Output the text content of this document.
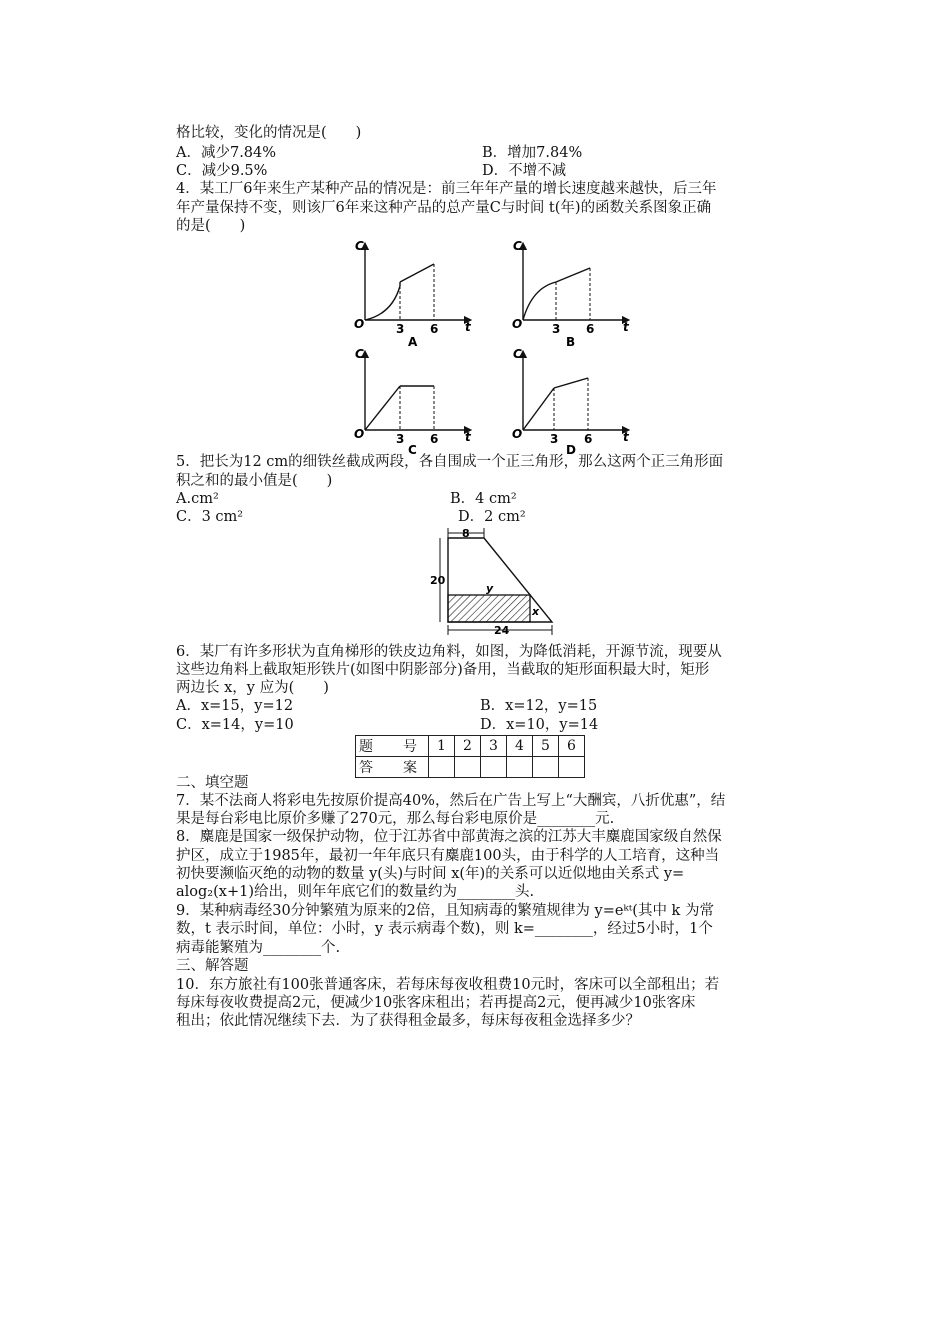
格比较，变化的情况是(　　)
A．减少7.84%	B．增加7.84%
C．减少9.5%	D．不增不减
4．某工厂6年来生产某种产品的情况是：前三年年产量的增长速度越来越快，后三年
年产量保持不变，则该厂6年来这种产品的总产量C与时间 t(年)的函数关系图象正确
的是(　　)
C
O	t
3 6
A
C
O	t
3 6
B
C
O	t
3 6
C
C
O	t
3 6
D
5．把长为12 cm的细铁丝截成两段，各自围成一个正三角形，那么这两个正三角形面
积之和的最小值是(　　)
A.cm²	B．4 cm²
C．3 cm²	D．2 cm²
8
y
x
20
24
6．某厂有许多形状为直角梯形的铁皮边角料，如图，为降低消耗，开源节流，现要从
这些边角料上截取矩形铁片(如图中阴影部分)备用，当截取的矩形面积最大时，矩形
两边长 x，y 应为(　　)
A．x=15，y=12	B．x=12，y=15
C．x=14，y=10	D．x=10，y=14
题　号	1	2	3	4	5	6
答　案						
二、填空题
7．某不法商人将彩电先按原价提高40%，然后在广告上写上“大酬宾，八折优惠”，结
果是每台彩电比原价多赚了270元，那么每台彩电原价是________元.
8．麋鹿是国家一级保护动物，位于江苏省中部黄海之滨的江苏大丰麋鹿国家级自然保
护区，成立于1985年，最初一年年底只有麋鹿100头，由于科学的人工培育，这种当
初快要濒临灭绝的动物的数量 y(头)与时间 x(年)的关系可以近似地由关系式 y=
alog₂(x+1)给出，则年年底它们的数量约为________头.
9．某种病毒经30分钟繁殖为原来的2倍，且知病毒的繁殖规律为 y=eᵏᵗ(其中 k 为常
数，t 表示时间，单位：小时，y 表示病毒个数)，则 k=________，经过5小时，1个
病毒能繁殖为________个.
三、解答题
10．东方旅社有100张普通客床，若每床每夜收租费10元时，客床可以全部租出；若
每床每夜收费提高2元，便减少10张客床租出；若再提高2元，便再减少10张客床
租出；依此情况继续下去．为了获得租金最多，每床每夜租金选择多少？
